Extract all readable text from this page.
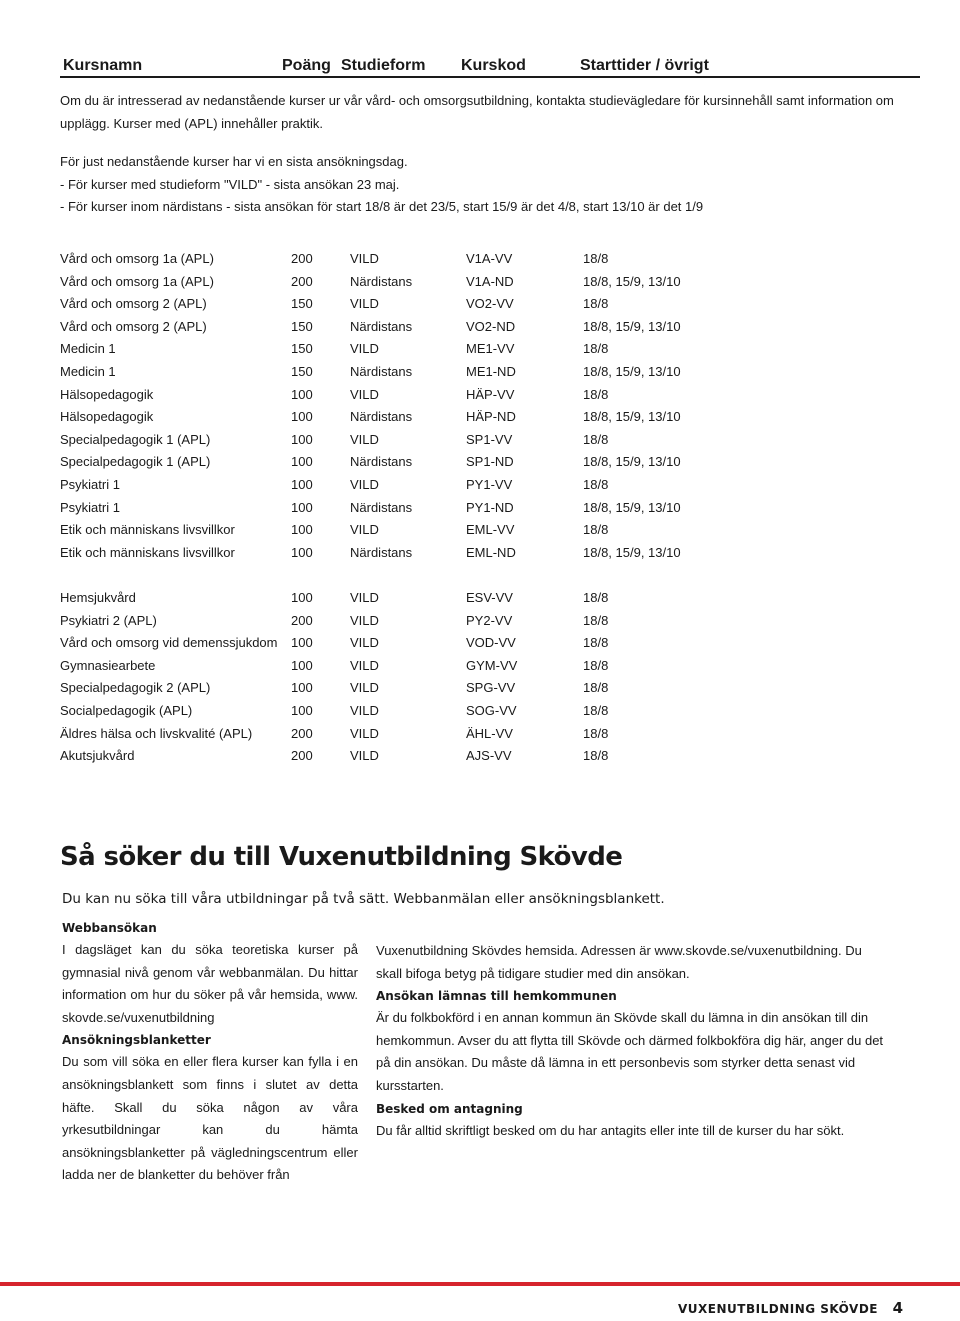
Kursnamn	Poäng Studieform Kurskod	Starttider / övrigt

Om du är intresserad av nedanstående kurser ur vår vård- och omsorgsutbildning, kontakta studievägledare för kursinnehåll samt information om upplägg. Kurser med (APL) innehåller praktik.

För just nedanstående kurser har vi en sista ansökningsdag.

- För kurser med studieform "VILD" - sista ansökan 23 maj.

- För kurser inom närdistans - sista ansökan för start 18/8 är det 23/5, start 15/9 är det 4/8, start 13/10 är det 1/9

Vård och omsorg 1a (APL)	200	VILD	V1A-VV	18/8
Vård och omsorg 1a (APL)	200	Närdistans	V1A-ND	18/8, 15/9, 13/10
Vård och omsorg 2 (APL)	150	VILD	VO2-VV	18/8
Vård och omsorg 2 (APL)	150	Närdistans	VO2-ND	18/8, 15/9, 13/10
Medicin 1	150	VILD	ME1-VV	18/8
Medicin 1	150	Närdistans	ME1-ND	18/8, 15/9, 13/10
Hälsopedagogik	100	VILD	HÄP-VV	18/8
Hälsopedagogik	100	Närdistans	HÄP-ND	18/8, 15/9, 13/10
Specialpedagogik 1 (APL)	100	VILD	SP1-VV	18/8
Specialpedagogik 1 (APL)	100	Närdistans	SP1-ND	18/8, 15/9, 13/10
Psykiatri 1	100	VILD	PY1-VV	18/8
Psykiatri 1	100	Närdistans	PY1-ND	18/8, 15/9, 13/10
Etik och människans livsvillkor	100	VILD	EML-VV	18/8
Etik och människans livsvillkor	100	Närdistans	EML-ND	18/8, 15/9, 13/10
Hemsjukvård	100	VILD	ESV-VV	18/8
Psykiatri 2 (APL)	200	VILD	PY2-VV	18/8
Vård och omsorg vid demenssjukdom 100	VILD	VOD-VV	18/8
Gymnasiearbete	100	VILD	GYM-VV	18/8
Specialpedagogik 2 (APL)	100	VILD	SPG-VV	18/8
Socialpedagogik (APL)	100	VILD	SOG-VV	18/8
Äldres hälsa och livskvalité (APL)	200	VILD	ÄHL-VV	18/8
Akutsjukvård	200	VILD	AJS-VV	18/8
Så söker du till Vuxenutbildning Skövde
Du kan nu söka till våra utbildningar på två sätt. Webbanmälan eller ansökningsblankett.
Webbansökan

I dagsläget kan du söka teoretiska kurser på gymnasial nivå genom vår webbanmälan. Du hittar information om hur du söker på vår hemsida, www. skovde.se/vuxenutbildning

Ansökningsblanketter

Du som vill söka en eller flera kurser kan fylla i en ansökningsblankett som finns i slutet av detta häfte. Skall du söka någon av våra yrkesutbildningar kan du hämta ansökningsblanketter på vägledningscentrum eller ladda ner de blanketter du behöver från

Vuxenutbildning Skövdes hemsida. Adressen är www.skovde.se/vuxenutbildning. Du skall bifoga betyg på tidigare studier med din ansökan.

Ansökan lämnas till hemkommunen

Är du folkbokförd i en annan kommun än Skövde skall du lämna in din ansökan till din hemkommun. Avser du att flytta till Skövde och därmed folkbokföra dig här, anger du det på din ansökan. Du måste då lämna in ett personbevis som styrker detta senast vid kursstarten.

Besked om antagning

Du får alltid skriftligt besked om du har antagits eller inte till de kurser du har sökt.

VUXENUTBILDNING SKÖVDE 4
